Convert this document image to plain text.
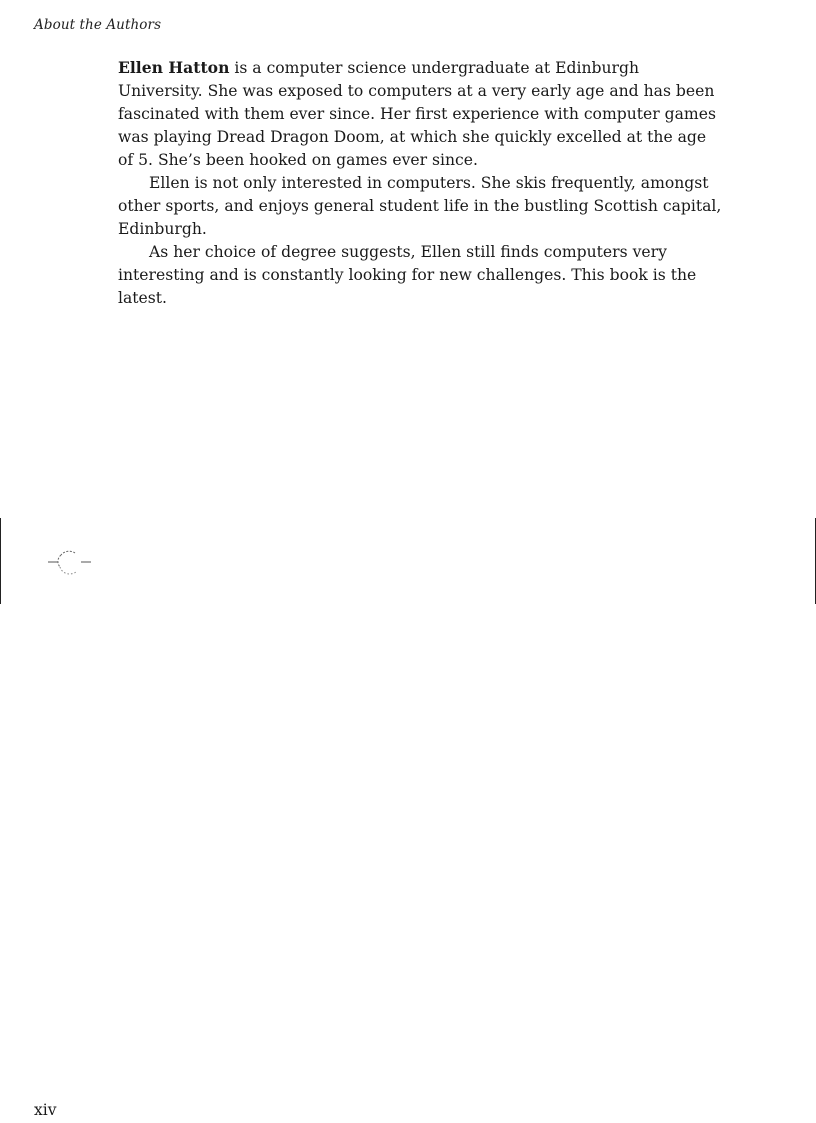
About the Authors

Ellen Hatton is a computer science undergraduate at Edinburgh University. She was exposed to computers at a very early age and has been fascinated with them ever since. Her first experience with computer games was playing Dread Dragon Doom, at which she quickly excelled at the age of 5. She’s been hooked on games ever since.

Ellen is not only interested in computers. She skis frequently, amongst other sports, and enjoys general student life in the bustling Scottish capital, Edinburgh.

As her choice of degree suggests, Ellen still finds computers very interesting and is constantly looking for new challenges. This book is the latest.

xiv
